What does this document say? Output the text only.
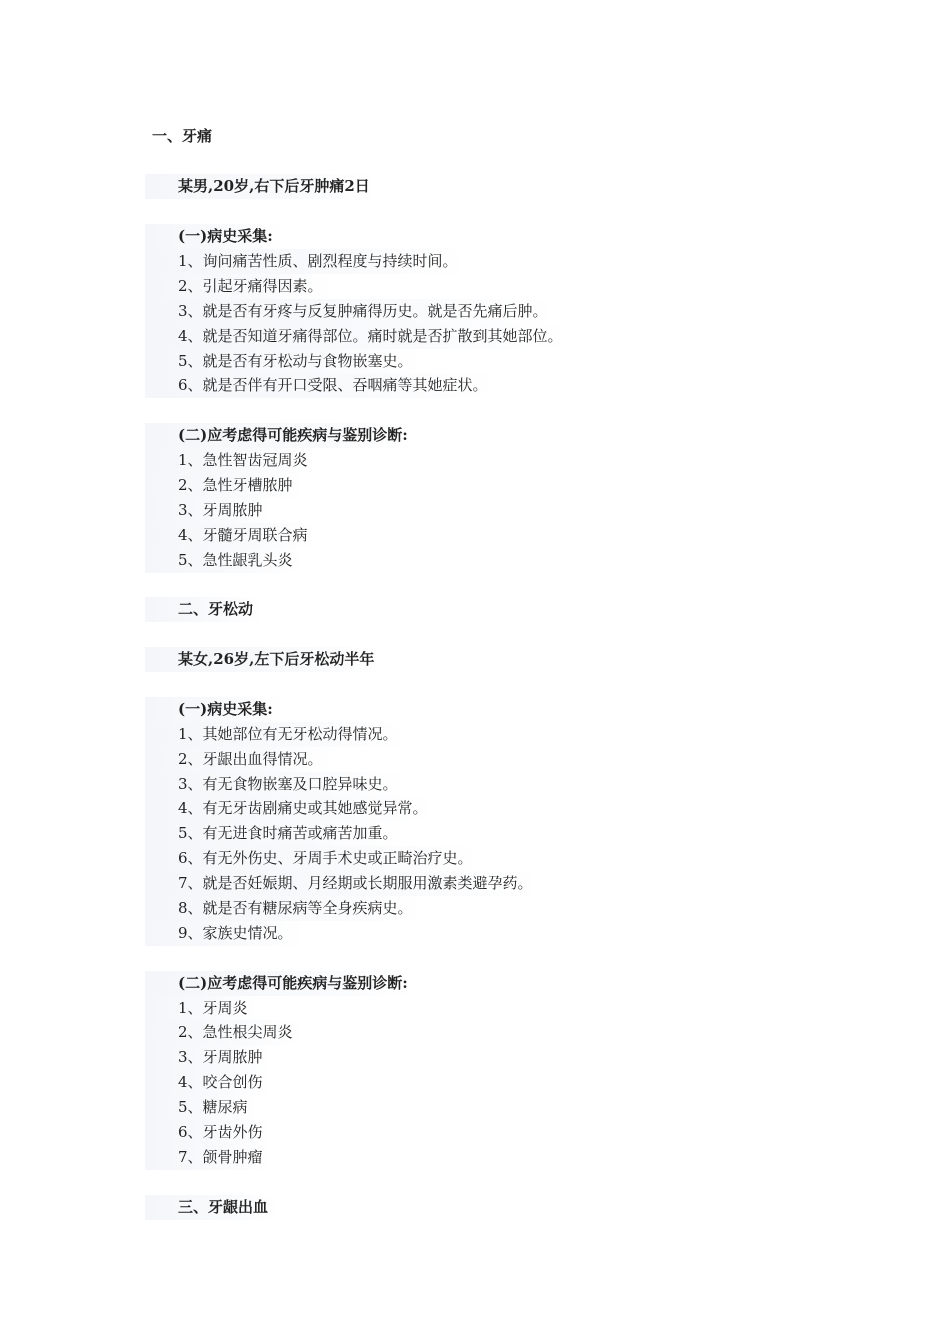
一、牙痛
某男,20岁,右下后牙肿痛2日
(一)病史采集:
1、询问痛苦性质、剧烈程度与持续时间。
2、引起牙痛得因素。
3、就是否有牙疼与反复肿痛得历史。就是否先痛后肿。
4、就是否知道牙痛得部位。痛时就是否扩散到其她部位。
5、就是否有牙松动与食物嵌塞史。
6、就是否伴有开口受限、吞咽痛等其她症状。
(二)应考虑得可能疾病与鉴别诊断:
1、急性智齿冠周炎
2、急性牙槽脓肿
3、牙周脓肿
4、牙髓牙周联合病
5、急性龈乳头炎
二、牙松动
某女,26岁,左下后牙松动半年
(一)病史采集:
1、其她部位有无牙松动得情况。
2、牙龈出血得情况。
3、有无食物嵌塞及口腔异味史。
4、有无牙齿剧痛史或其她感觉异常。
5、有无进食时痛苦或痛苦加重。
6、有无外伤史、牙周手术史或正畸治疗史。
7、就是否妊娠期、月经期或长期服用激素类避孕药。
8、就是否有糖尿病等全身疾病史。
9、家族史情况。
(二)应考虑得可能疾病与鉴别诊断:
1、牙周炎
2、急性根尖周炎
3、牙周脓肿
4、咬合创伤
5、糖尿病
6、牙齿外伤
7、颌骨肿瘤
三、牙龈出血
